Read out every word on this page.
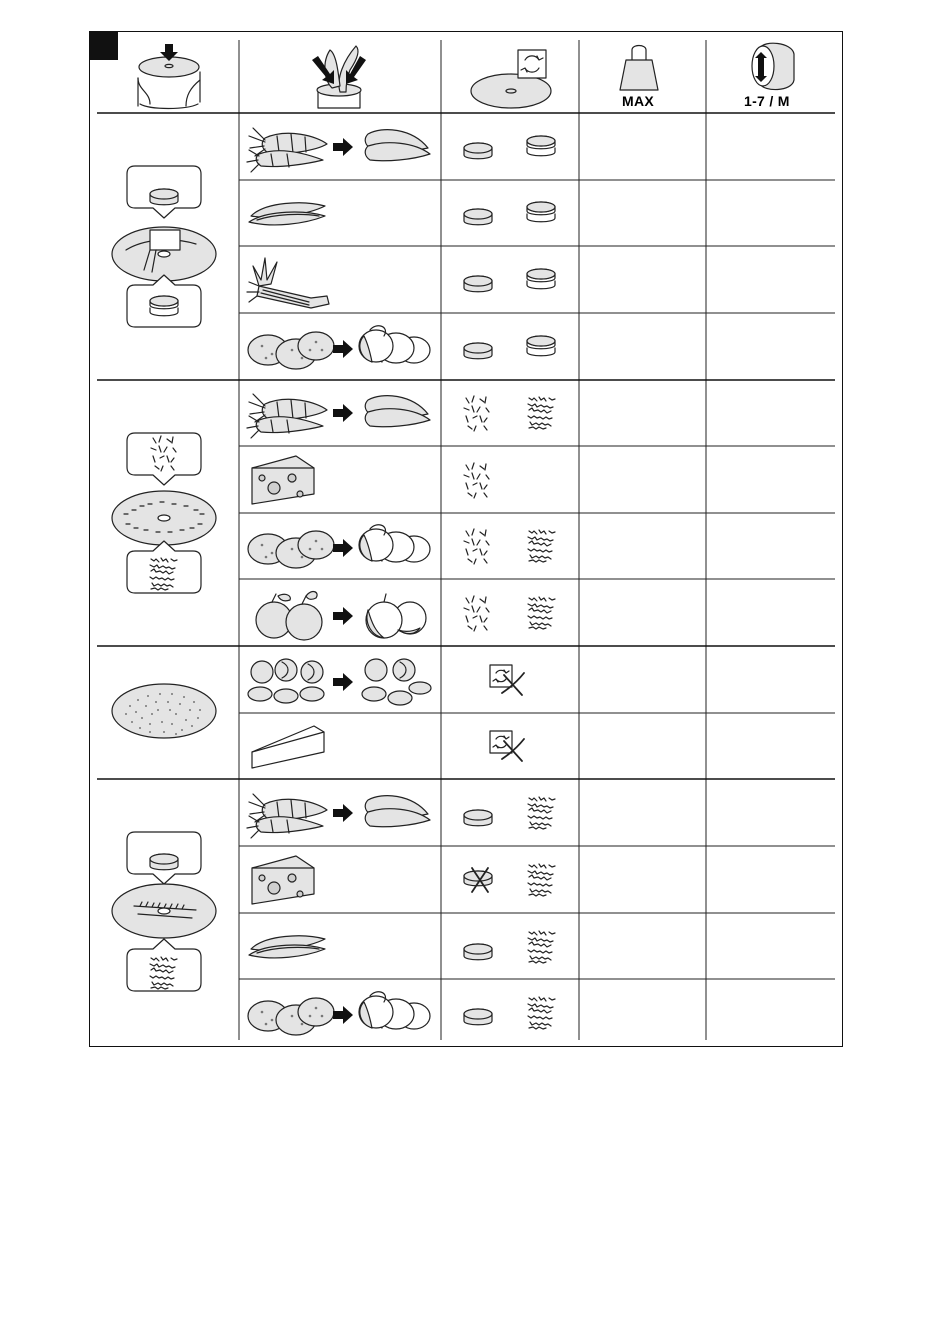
MAX	1-7 / M
